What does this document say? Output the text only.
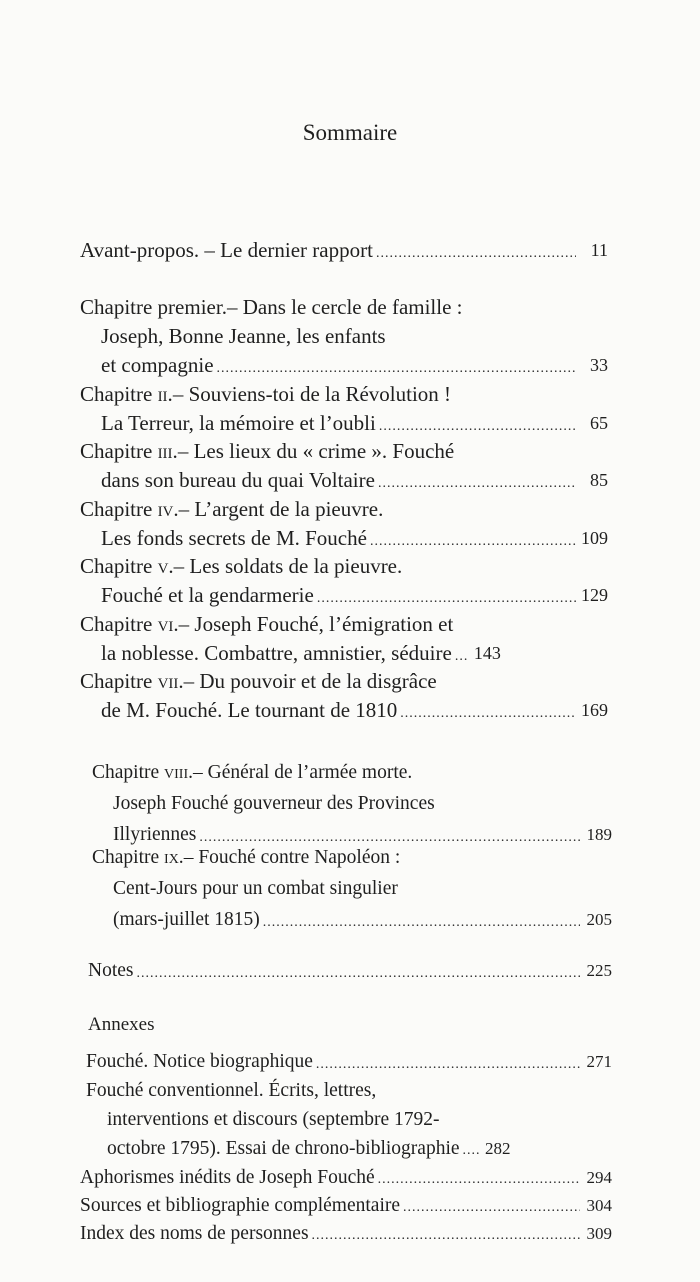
Sommaire
Avant-propos. – Le dernier rapport .....	11
Chapitre premier. – Dans le cercle de famille :
Joseph, Bonne Jeanne, les enfants
et compagnie .....	33
Chapitre
ii. – Souviens-toi de la Révolution !
La Terreur, la mémoire et l’oubli .....	65
Chapitre
iii. – Les lieux du « crime ». Fouché
dans son bureau du quai Voltaire .....	85
Chapitre
iv. – L’argent de la pieuvre.
Les fonds secrets de M. Fouché .....	109
Chapitre
v. – Les soldats de la pieuvre.
Fouché et la gendarmerie .....	129
Chapitre
vi. – Joseph Fouché, l’émigration et
la noblesse. Combattre, amnistier, séduire ..... 143
Chapitre
vii. – Du pouvoir et de la disgrâce
de M. Fouché. Le tournant de 1810 .....	169
Chapitre
viii. – Général de l’armée morte.
Joseph Fouché gouverneur des Provinces
Illyriennes .....	189
Chapitre
ix. – Fouché contre Napoléon :
Cent-Jours pour un combat singulier
(mars-juillet 1815) .....	205
Notes .....	225
Annexes
Fouché. Notice biographique .....	271
Fouché conventionnel. Écrits, lettres,
interventions et discours (septembre 1792-
octobre 1795). Essai de chrono-bibliographie ..... 282
Aphorismes inédits de Joseph Fouché .....	294
Sources et bibliographie complémentaire .....	304
Index des noms de personnes .....	309
